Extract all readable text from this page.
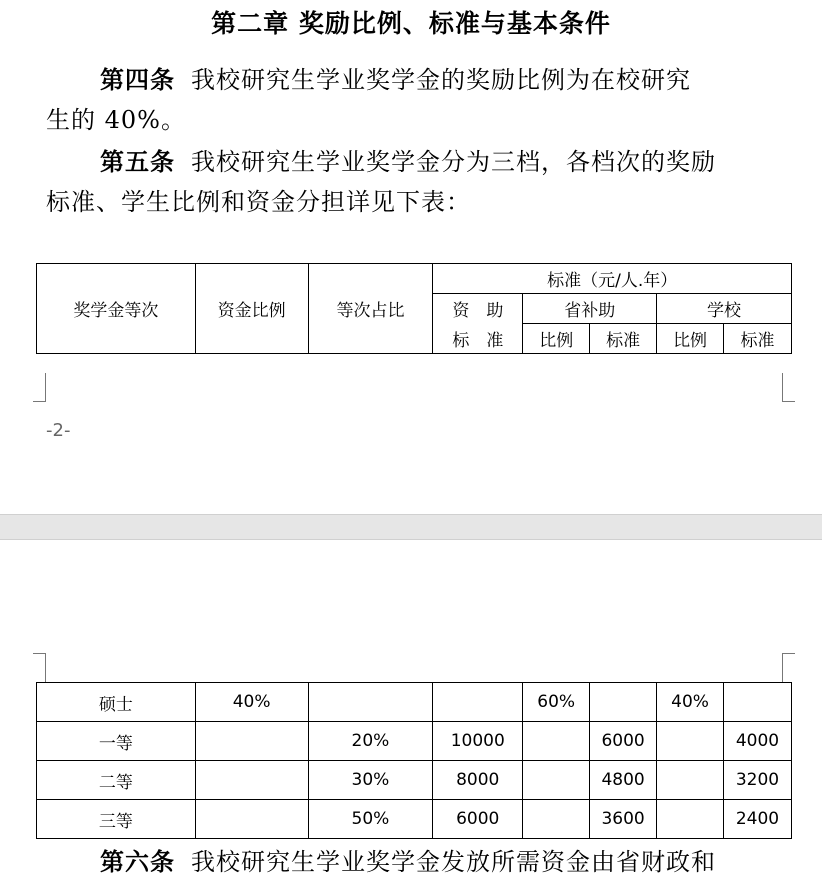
第二章 奖励比例、标准与基本条件
第四条 我校研究生学业奖学金的奖励比例为在校研究
生的 40%。
第五条 我校研究生学业奖学金分为三档，各档次的奖励
标准、学生比例和资金分担详见下表：
奖学金等次	资金比例	等次占比	标准（元/人.年）				
			资　助	省补助		学校	
			标　准	比例	标准	比例	标准
-2-
硕士	40%			60%		40%	
一等		20%	10000		6000		4000
二等		30%	8000		4800		3200
三等		50%	6000		3600		2400
第六条 我校研究生学业奖学金发放所需资金由省财政和
